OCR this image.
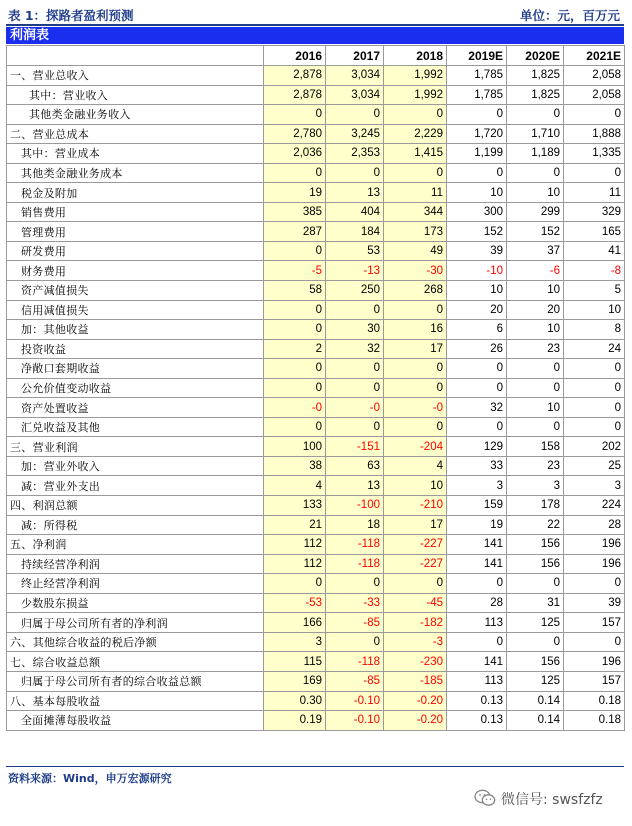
表 1：探路者盈利预测	单位：元，百万元
利润表
	2016	2017	2018	2019E	2020E	2021E
一、营业总收入	2,878	3,034	1,992	1,785	1,825	2,058
其中：营业收入	2,878	3,034	1,992	1,785	1,825	2,058
其他类金融业务收入	0	0	0	0	0	0
二、营业总成本	2,780	3,245	2,229	1,720	1,710	1,888
其中：营业成本	2,036	2,353	1,415	1,199	1,189	1,335
其他类金融业务成本	0	0	0	0	0	0
税金及附加	19	13	11	10	10	11
销售费用	385	404	344	300	299	329
管理费用	287	184	173	152	152	165
研发费用	0	53	49	39	37	41
财务费用	-5	-13	-30	-10	-6	-8
资产减值损失	58	250	268	10	10	5
信用减值损失	0	0	0	20	20	10
加：其他收益	0	30	16	6	10	8
投资收益	2	32	17	26	23	24
净敞口套期收益	0	0	0	0	0	0
公允价值变动收益	0	0	0	0	0	0
资产处置收益	-0	-0	-0	32	10	0
汇兑收益及其他	0	0	0	0	0	0
三、营业利润	100	-151	-204	129	158	202
加：营业外收入	38	63	4	33	23	25
减：营业外支出	4	13	10	3	3	3
四、利润总额	133	-100	-210	159	178	224
减：所得税	21	18	17	19	22	28
五、净利润	112	-118	-227	141	156	196
持续经营净利润	112	-118	-227	141	156	196
终止经营净利润	0	0	0	0	0	0
少数股东损益	-53	-33	-45	28	31	39
归属于母公司所有者的净利润	166	-85	-182	113	125	157
六、其他综合收益的税后净额	3	0	-3	0	0	0
七、综合收益总额	115	-118	-230	141	156	196
归属于母公司所有者的综合收益总额	169	-85	-185	113	125	157
八、基本每股收益	0.30	-0.10	-0.20	0.13	0.14	0.18
全面摊薄每股收益	0.19	-0.10	-0.20	0.13	0.14	0.18
资料来源：Wind，申万宏源研究
微信号: swsfzfz
